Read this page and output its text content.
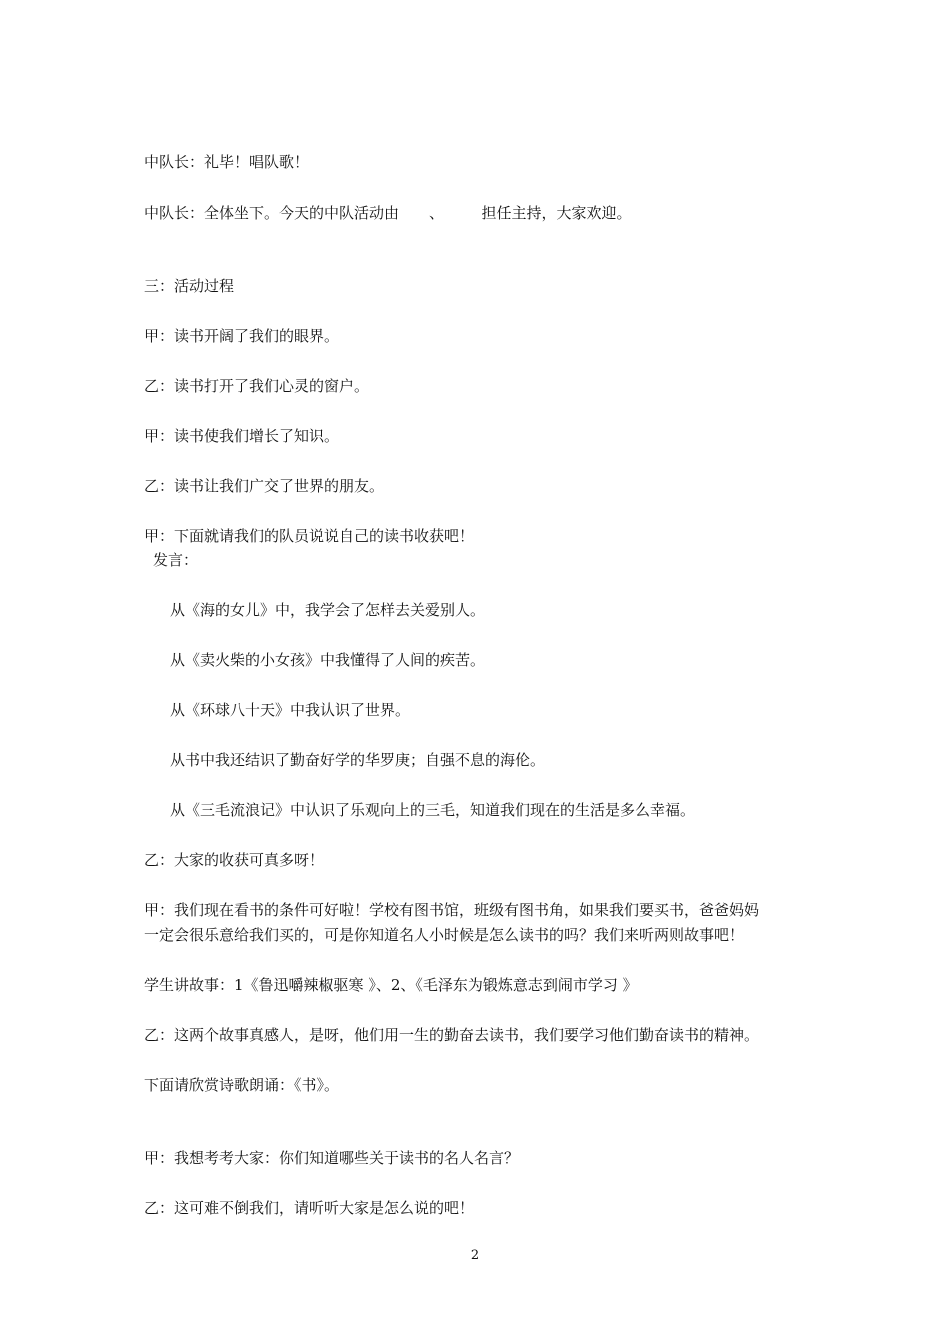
中队长：礼毕！唱队歌！
中队长：全体坐下。今天的中队活动由　　、　　　担任主持，大家欢迎。
三：活动过程
甲：读书开阔了我们的眼界。
乙：读书打开了我们心灵的窗户。
甲：读书使我们增长了知识。
乙：读书让我们广交了世界的朋友。
甲：下面就请我们的队员说说自己的读书收获吧！
发言：
从《海的女儿》中，我学会了怎样去关爱别人。
从《卖火柴的小女孩》中我懂得了人间的疾苦。
从《环球八十天》中我认识了世界。
从书中我还结识了勤奋好学的华罗庚；自强不息的海伦。
从《三毛流浪记》中认识了乐观向上的三毛，知道我们现在的生活是多么幸福。
乙：大家的收获可真多呀！
甲：我们现在看书的条件可好啦！学校有图书馆，班级有图书角，如果我们要买书，爸爸妈妈
一定会很乐意给我们买的，可是你知道名人小时候是怎么读书的吗？我们来听两则故事吧！
学生讲故事：1《鲁迅嚼辣椒驱寒 》、2、《毛泽东为锻炼意志到闹市学习 》
乙：这两个故事真感人，是呀，他们用一生的勤奋去读书，我们要学习他们勤奋读书的精神。
下面请欣赏诗歌朗诵：《书》。
甲：我想考考大家：你们知道哪些关于读书的名人名言？
乙：这可难不倒我们，请听听大家是怎么说的吧！
2
